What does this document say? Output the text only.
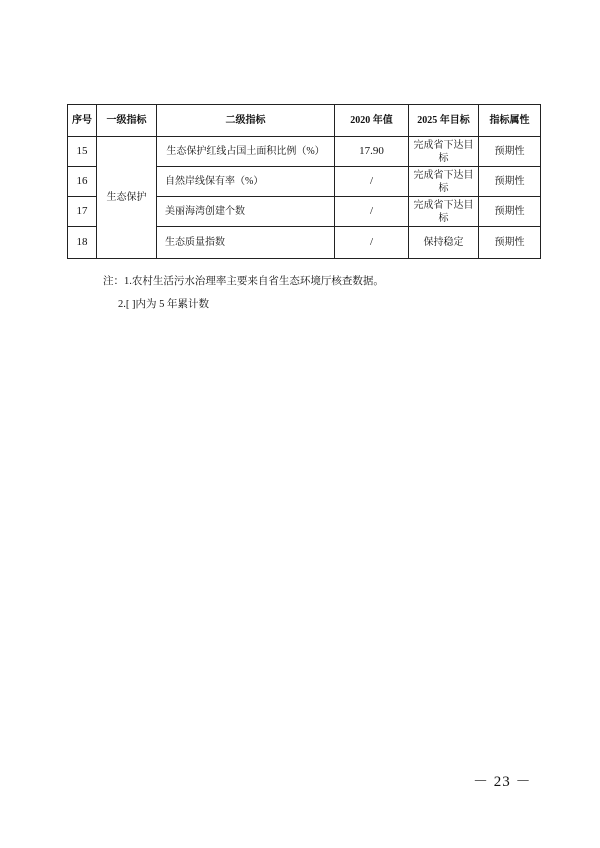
序号	一级指标	二级指标	2020 年值	2025 年目标	指标属性
15	生态保护	生态保护红线占国土面积比例（%）	17.90	完成省下达目标	预期性
16		自然岸线保有率（%）	/	完成省下达目标	预期性
17		美丽海湾创建个数	/	完成省下达目标	预期性
18		生态质量指数	/	保持稳定	预期性
注：1.农村生活污水治理率主要来自省生态环境厅核查数据。
2.[ ]内为 5 年累计数
－ 23 －
